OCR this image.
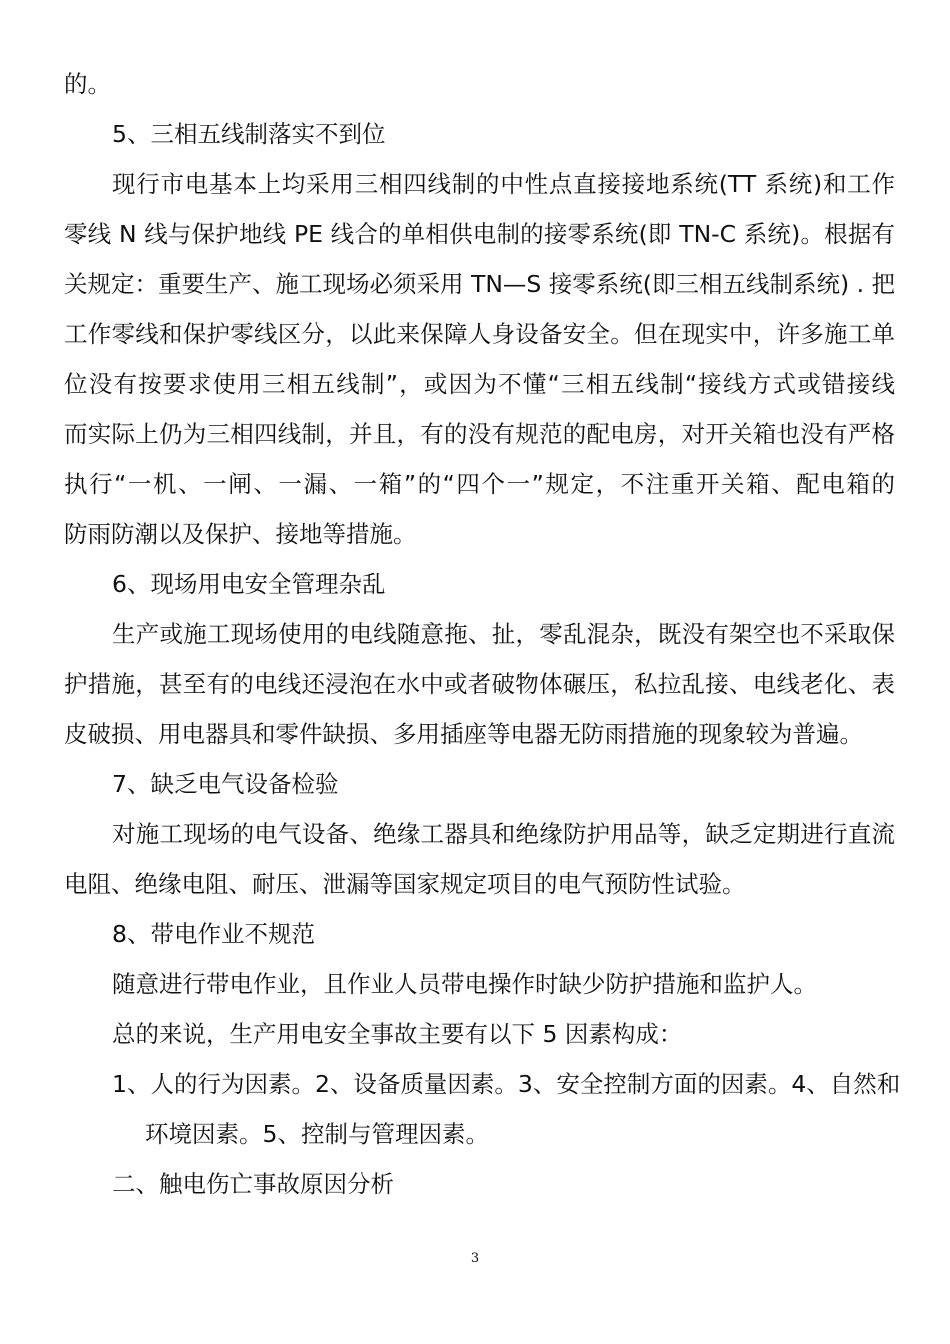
的。
5、三相五线制落实不到位
现行市电基本上均采用三相四线制的中性点直接接地系统(TT 系统)和工作
零线 N 线与保护地线 PE 线合的单相供电制的接零系统(即 TN-C 系统)。根据有
关规定：重要生产、施工现场必须采用 TN—S 接零系统(即三相五线制系统) . 把
工作零线和保护零线区分，以此来保障人身设备安全。但在现实中，许多施工单
位没有按要求使用三相五线制”，或因为不懂“三相五线制“接线方式或错接线
而实际上仍为三相四线制，并且，有的没有规范的配电房，对开关箱也没有严格
执行“一机、一闸、一漏、一箱”的“四个一”规定，不注重开关箱、配电箱的
防雨防潮以及保护、接地等措施。
6、现场用电安全管理杂乱
生产或施工现场使用的电线随意拖、扯，零乱混杂，既没有架空也不采取保
护措施，甚至有的电线还浸泡在水中或者破物体碾压，私拉乱接、电线老化、表
皮破损、用电器具和零件缺损、多用插座等电器无防雨措施的现象较为普遍。
7、缺乏电气设备检验
对施工现场的电气设备、绝缘工器具和绝缘防护用品等，缺乏定期进行直流
电阻、绝缘电阻、耐压、泄漏等国家规定项目的电气预防性试验。
8、带电作业不规范
随意进行带电作业，且作业人员带电操作时缺少防护措施和监护人。
总的来说，生产用电安全事故主要有以下 5 因素构成：
1、人的行为因素。2、设备质量因素。3、安全控制方面的因素。4、自然和
环境因素。5、控制与管理因素。
二、触电伤亡事故原因分析
3
